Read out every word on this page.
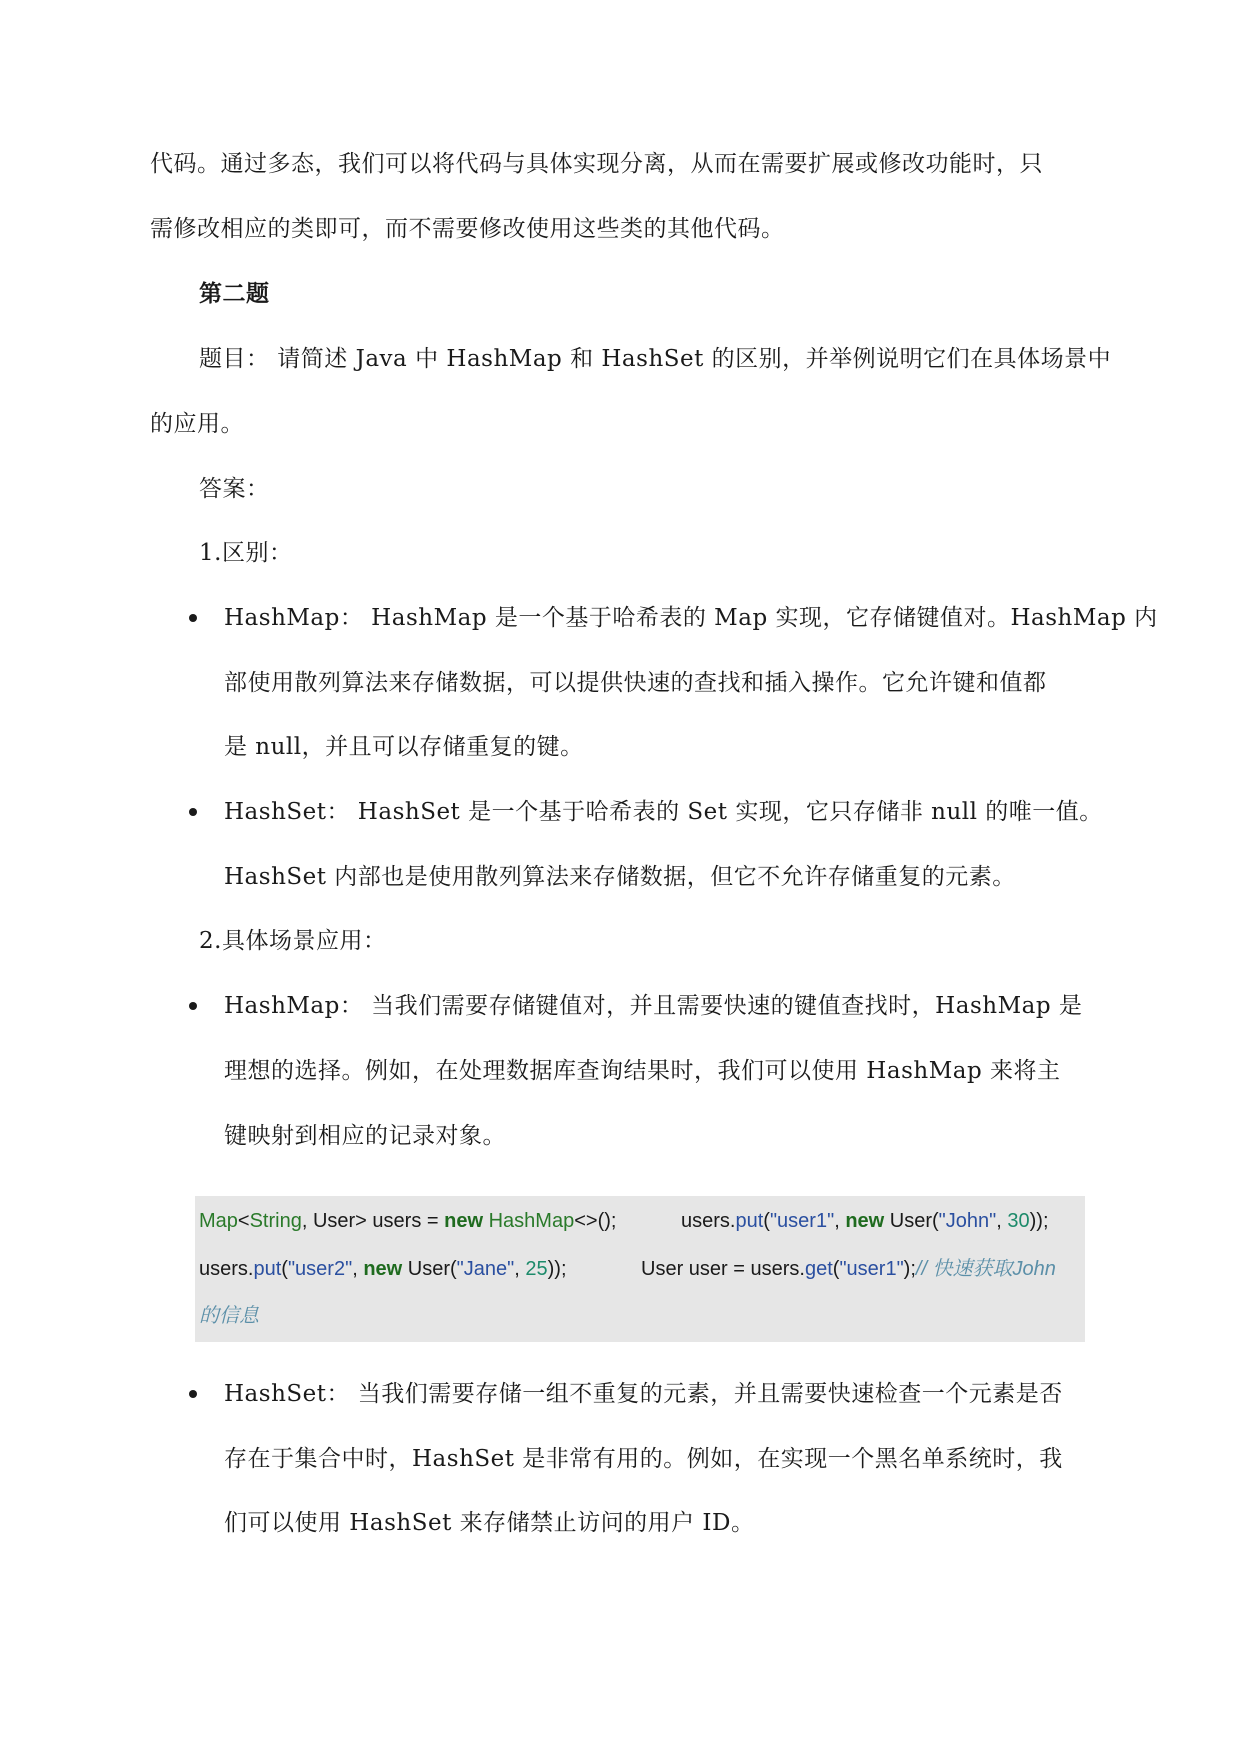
代码。通过多态，我们可以将代码与具体实现分离，从而在需要扩展或修改功能时，只
需修改相应的类即可，而不需要修改使用这些类的其他代码。
第二题
题目： 请简述 Java 中 HashMap 和 HashSet 的区别，并举例说明它们在具体场景中
的应用。
答案：
1.区别：
HashMap： HashMap 是一个基于哈希表的 Map 实现，它存储键值对。HashMap 内
部使用散列算法来存储数据，可以提供快速的查找和插入操作。它允许键和值都
是 null，并且可以存储重复的键。
HashSet： HashSet 是一个基于哈希表的 Set 实现，它只存储非 null 的唯一值。
HashSet 内部也是使用散列算法来存储数据，但它不允许存储重复的元素。
2.具体场景应用：
HashMap： 当我们需要存储键值对，并且需要快速的键值查找时，HashMap 是
理想的选择。例如，在处理数据库查询结果时，我们可以使用 HashMap 来将主
键映射到相应的记录对象。
Map<String, User> users = new HashMap<>();	users.put("user1", new User("John", 30));
users.put("user2", new User("Jane", 25));	User user = users.get("user1");// 快速获取John
的信息
HashSet： 当我们需要存储一组不重复的元素，并且需要快速检查一个元素是否
存在于集合中时，HashSet 是非常有用的。例如，在实现一个黑名单系统时，我
们可以使用 HashSet 来存储禁止访问的用户 ID。
